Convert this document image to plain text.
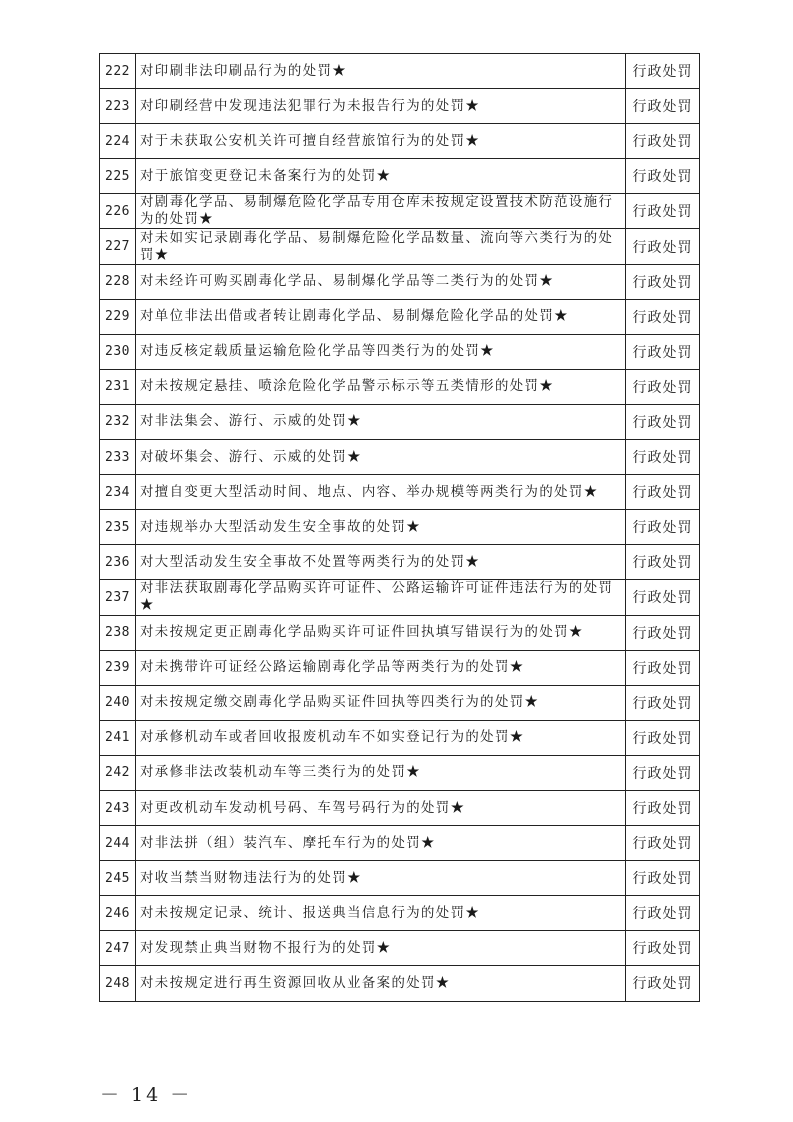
222	对印刷非法印刷品行为的处罚★	行政处罚
223	对印刷经营中发现违法犯罪行为未报告行为的处罚★	行政处罚
224	对于未获取公安机关许可擅自经营旅馆行为的处罚★	行政处罚
225	对于旅馆变更登记未备案行为的处罚★	行政处罚
226	对剧毒化学品、易制爆危险化学品专用仓库未按规定设置技术防范设施行为的处罚★	行政处罚
227	对未如实记录剧毒化学品、易制爆危险化学品数量、流向等六类行为的处罚★	行政处罚
228	对未经许可购买剧毒化学品、易制爆化学品等二类行为的处罚★	行政处罚
229	对单位非法出借或者转让剧毒化学品、易制爆危险化学品的处罚★	行政处罚
230	对违反核定载质量运输危险化学品等四类行为的处罚★	行政处罚
231	对未按规定悬挂、喷涂危险化学品警示标示等五类情形的处罚★	行政处罚
232	对非法集会、游行、示威的处罚★	行政处罚
233	对破坏集会、游行、示威的处罚★	行政处罚
234	对擅自变更大型活动时间、地点、内容、举办规模等两类行为的处罚★	行政处罚
235	对违规举办大型活动发生安全事故的处罚★	行政处罚
236	对大型活动发生安全事故不处置等两类行为的处罚★	行政处罚
237	对非法获取剧毒化学品购买许可证件、公路运输许可证件违法行为的处罚★	行政处罚
238	对未按规定更正剧毒化学品购买许可证件回执填写错误行为的处罚★	行政处罚
239	对未携带许可证经公路运输剧毒化学品等两类行为的处罚★	行政处罚
240	对未按规定缴交剧毒化学品购买证件回执等四类行为的处罚★	行政处罚
241	对承修机动车或者回收报废机动车不如实登记行为的处罚★	行政处罚
242	对承修非法改装机动车等三类行为的处罚★	行政处罚
243	对更改机动车发动机号码、车驾号码行为的处罚★	行政处罚
244	对非法拼（组）装汽车、摩托车行为的处罚★	行政处罚
245	对收当禁当财物违法行为的处罚★	行政处罚
246	对未按规定记录、统计、报送典当信息行为的处罚★	行政处罚
247	对发现禁止典当财物不报行为的处罚★	行政处罚
248	对未按规定进行再生资源回收从业备案的处罚★	行政处罚
－ 14 －
